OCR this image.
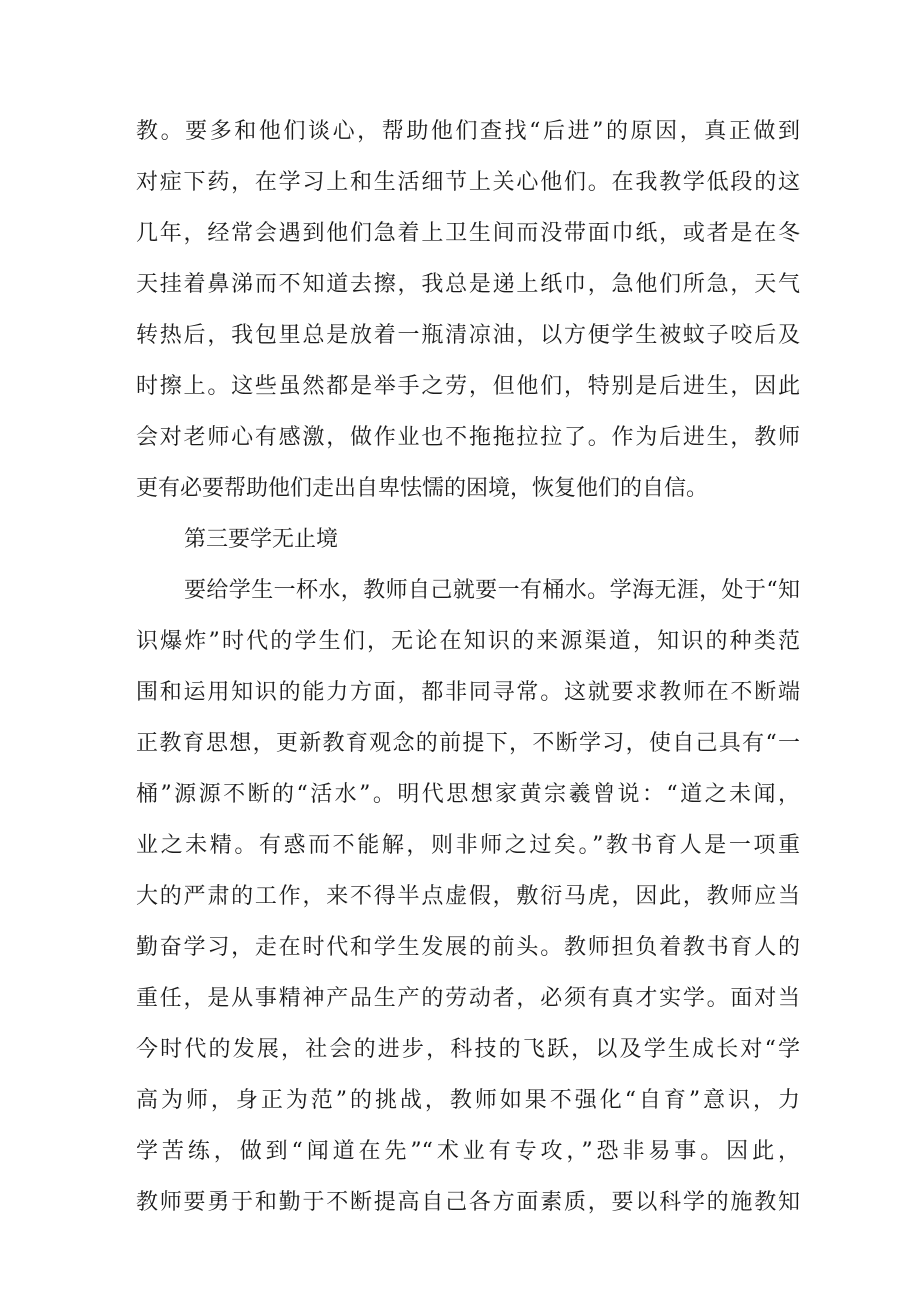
教。要多和他们谈心，帮助他们查找“后进”的原因，真正做到
对症下药，在学习上和生活细节上关心他们。在我教学低段的这
几年，经常会遇到他们急着上卫生间而没带面巾纸，或者是在冬
天挂着鼻涕而不知道去擦，我总是递上纸巾，急他们所急，天气
转热后，我包里总是放着一瓶清凉油，以方便学生被蚊子咬后及
时擦上。这些虽然都是举手之劳，但他们，特别是后进生，因此
会对老师心有感激，做作业也不拖拖拉拉了。作为后进生，教师
更有必要帮助他们走出自卑怯懦的困境，恢复他们的自信。
第三要学无止境
要给学生一杯水，教师自己就要一有桶水。学海无涯，处于“知
识爆炸”时代的学生们，无论在知识的来源渠道，知识的种类范
围和运用知识的能力方面，都非同寻常。这就要求教师在不断端
正教育思想，更新教育观念的前提下，不断学习，使自己具有“一
桶”源源不断的“活水”。明代思想家黄宗羲曾说：“道之未闻，
业之未精。有惑而不能解，则非师之过矣。”教书育人是一项重
大的严肃的工作，来不得半点虚假，敷衍马虎，因此，教师应当
勤奋学习，走在时代和学生发展的前头。教师担负着教书育人的
重任，是从事精神产品生产的劳动者，必须有真才实学。面对当
今时代的发展，社会的进步，科技的飞跃，以及学生成长对“学
高为师，身正为范”的挑战，教师如果不强化“自育”意识，力
学苦练，做到“闻道在先”“术业有专攻，”恐非易事。因此，
教师要勇于和勤于不断提高自己各方面素质，要以科学的施教知
